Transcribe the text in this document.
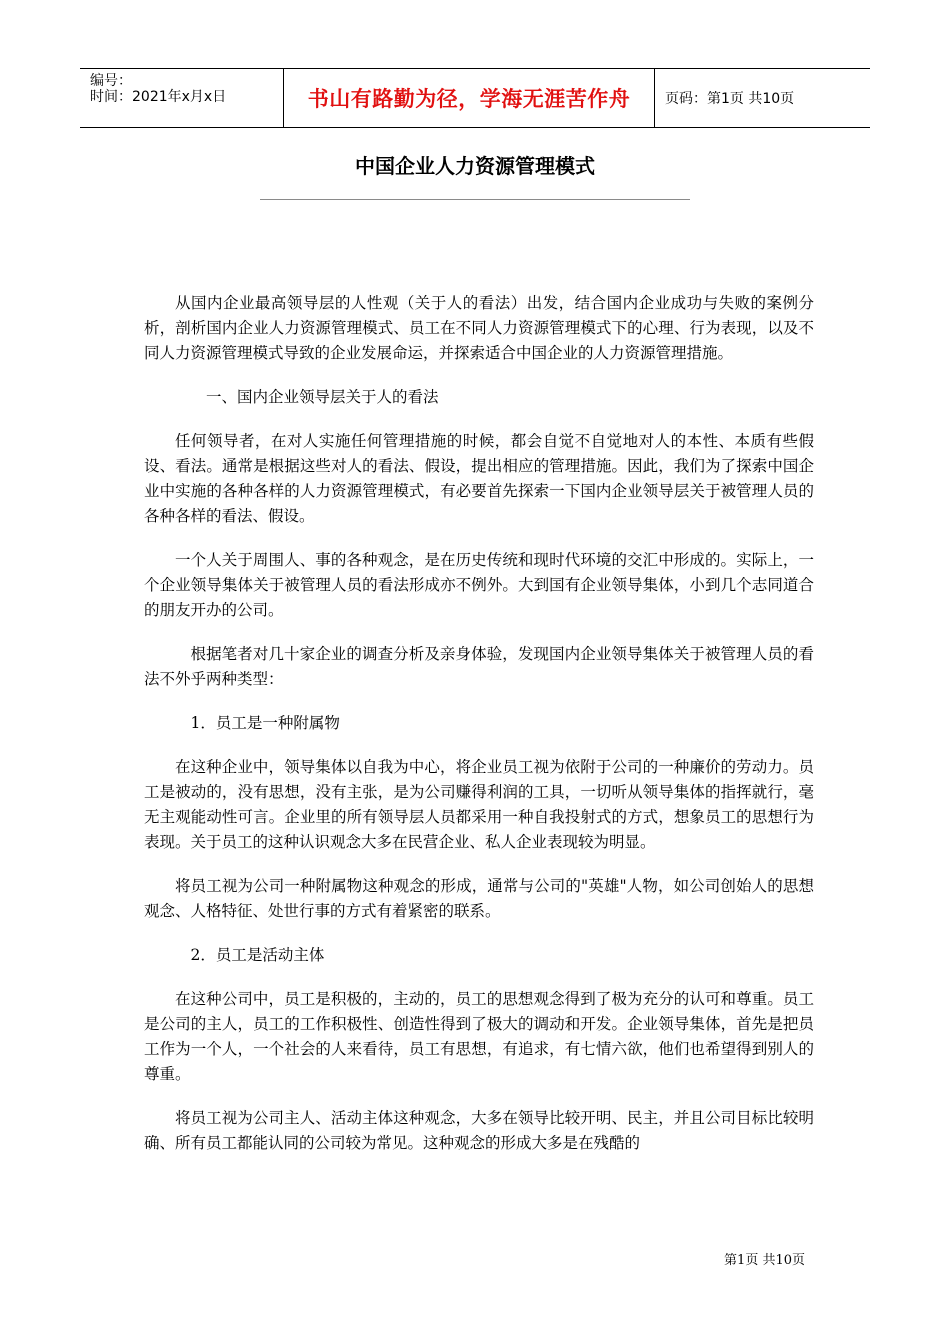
编号：
时间：2021年x月x日	书山有路勤为径，学海无涯苦作舟	页码：第1页 共10页
中国企业人力资源管理模式

从国内企业最高领导层的人性观（关于人的看法）出发，结合国内企业成功与失败的案例分析，剖析国内企业人力资源管理模式、员工在不同人力资源管理模式下的心理、行为表现，以及不同人力资源管理模式导致的企业发展命运，并探索适合中国企业的人力资源管理措施。

一、国内企业领导层关于人的看法

任何领导者，在对人实施任何管理措施的时候，都会自觉不自觉地对人的本性、本质有些假设、看法。通常是根据这些对人的看法、假设，提出相应的管理措施。因此，我们为了探索中国企业中实施的各种各样的人力资源管理模式，有必要首先探索一下国内企业领导层关于被管理人员的各种各样的看法、假设。

一个人关于周围人、事的各种观念，是在历史传统和现时代环境的交汇中形成的。实际上，一个企业领导集体关于被管理人员的看法形成亦不例外。大到国有企业领导集体，小到几个志同道合的朋友开办的公司。

根据笔者对几十家企业的调查分析及亲身体验，发现国内企业领导集体关于被管理人员的看法不外乎两种类型：

1．员工是一种附属物

在这种企业中，领导集体以自我为中心，将企业员工视为依附于公司的一种廉价的劳动力。员工是被动的，没有思想，没有主张，是为公司赚得利润的工具，一切听从领导集体的指挥就行，毫无主观能动性可言。企业里的所有领导层人员都采用一种自我投射式的方式，想象员工的思想行为表现。关于员工的这种认识观念大多在民营企业、私人企业表现较为明显。

将员工视为公司一种附属物这种观念的形成，通常与公司的"英雄"人物，如公司创始人的思想观念、人格特征、处世行事的方式有着紧密的联系。

2．员工是活动主体

在这种公司中，员工是积极的，主动的，员工的思想观念得到了极为充分的认可和尊重。员工是公司的主人，员工的工作积极性、创造性得到了极大的调动和开发。企业领导集体，首先是把员工作为一个人，一个社会的人来看待，员工有思想，有追求，有七情六欲，他们也希望得到别人的尊重。

将员工视为公司主人、活动主体这种观念，大多在领导比较开明、民主，并且公司目标比较明确、所有员工都能认同的公司较为常见。这种观念的形成大多是在残酷的

第1页 共10页
